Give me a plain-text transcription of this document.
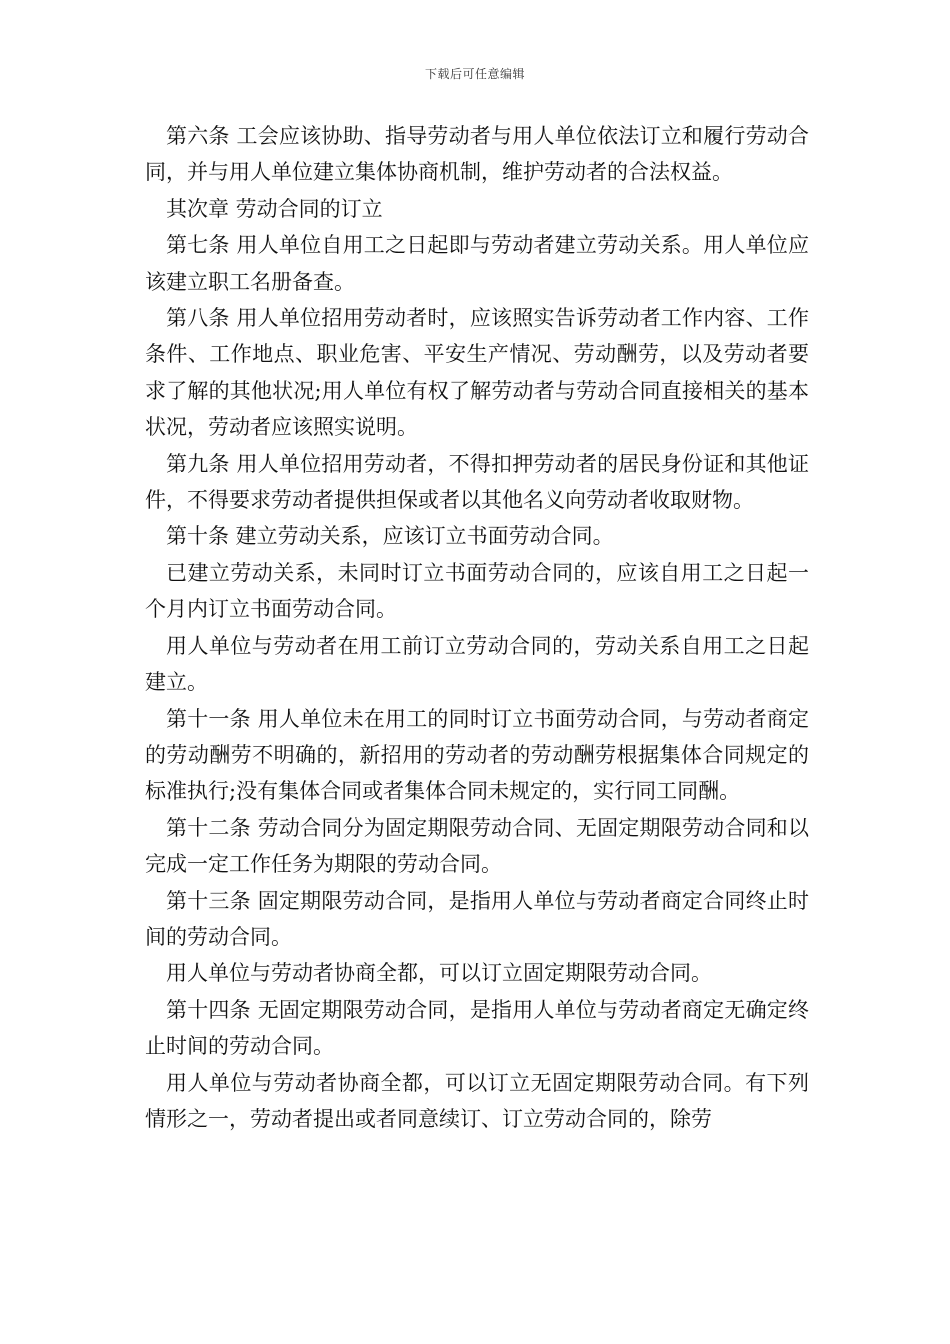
下载后可任意编辑

第六条 工会应该协助、指导劳动者与用人单位依法订立和履行劳动合同，并与用人单位建立集体协商机制，维护劳动者的合法权益。

其次章 劳动合同的订立

第七条 用人单位自用工之日起即与劳动者建立劳动关系。用人单位应该建立职工名册备查。

第八条 用人单位招用劳动者时，应该照实告诉劳动者工作内容、工作条件、工作地点、职业危害、平安生产情况、劳动酬劳，以及劳动者要求了解的其他状况;用人单位有权了解劳动者与劳动合同直接相关的基本状况，劳动者应该照实说明。

第九条 用人单位招用劳动者，不得扣押劳动者的居民身份证和其他证件，不得要求劳动者提供担保或者以其他名义向劳动者收取财物。

第十条 建立劳动关系，应该订立书面劳动合同。

已建立劳动关系，未同时订立书面劳动合同的，应该自用工之日起一个月内订立书面劳动合同。

用人单位与劳动者在用工前订立劳动合同的，劳动关系自用工之日起建立。

第十一条 用人单位未在用工的同时订立书面劳动合同，与劳动者商定的劳动酬劳不明确的，新招用的劳动者的劳动酬劳根据集体合同规定的标准执行;没有集体合同或者集体合同未规定的，实行同工同酬。

第十二条 劳动合同分为固定期限劳动合同、无固定期限劳动合同和以完成一定工作任务为期限的劳动合同。

第十三条 固定期限劳动合同，是指用人单位与劳动者商定合同终止时间的劳动合同。

用人单位与劳动者协商全都，可以订立固定期限劳动合同。

第十四条 无固定期限劳动合同，是指用人单位与劳动者商定无确定终止时间的劳动合同。

用人单位与劳动者协商全都，可以订立无固定期限劳动合同。有下列情形之一，劳动者提出或者同意续订、订立劳动合同的，除劳
